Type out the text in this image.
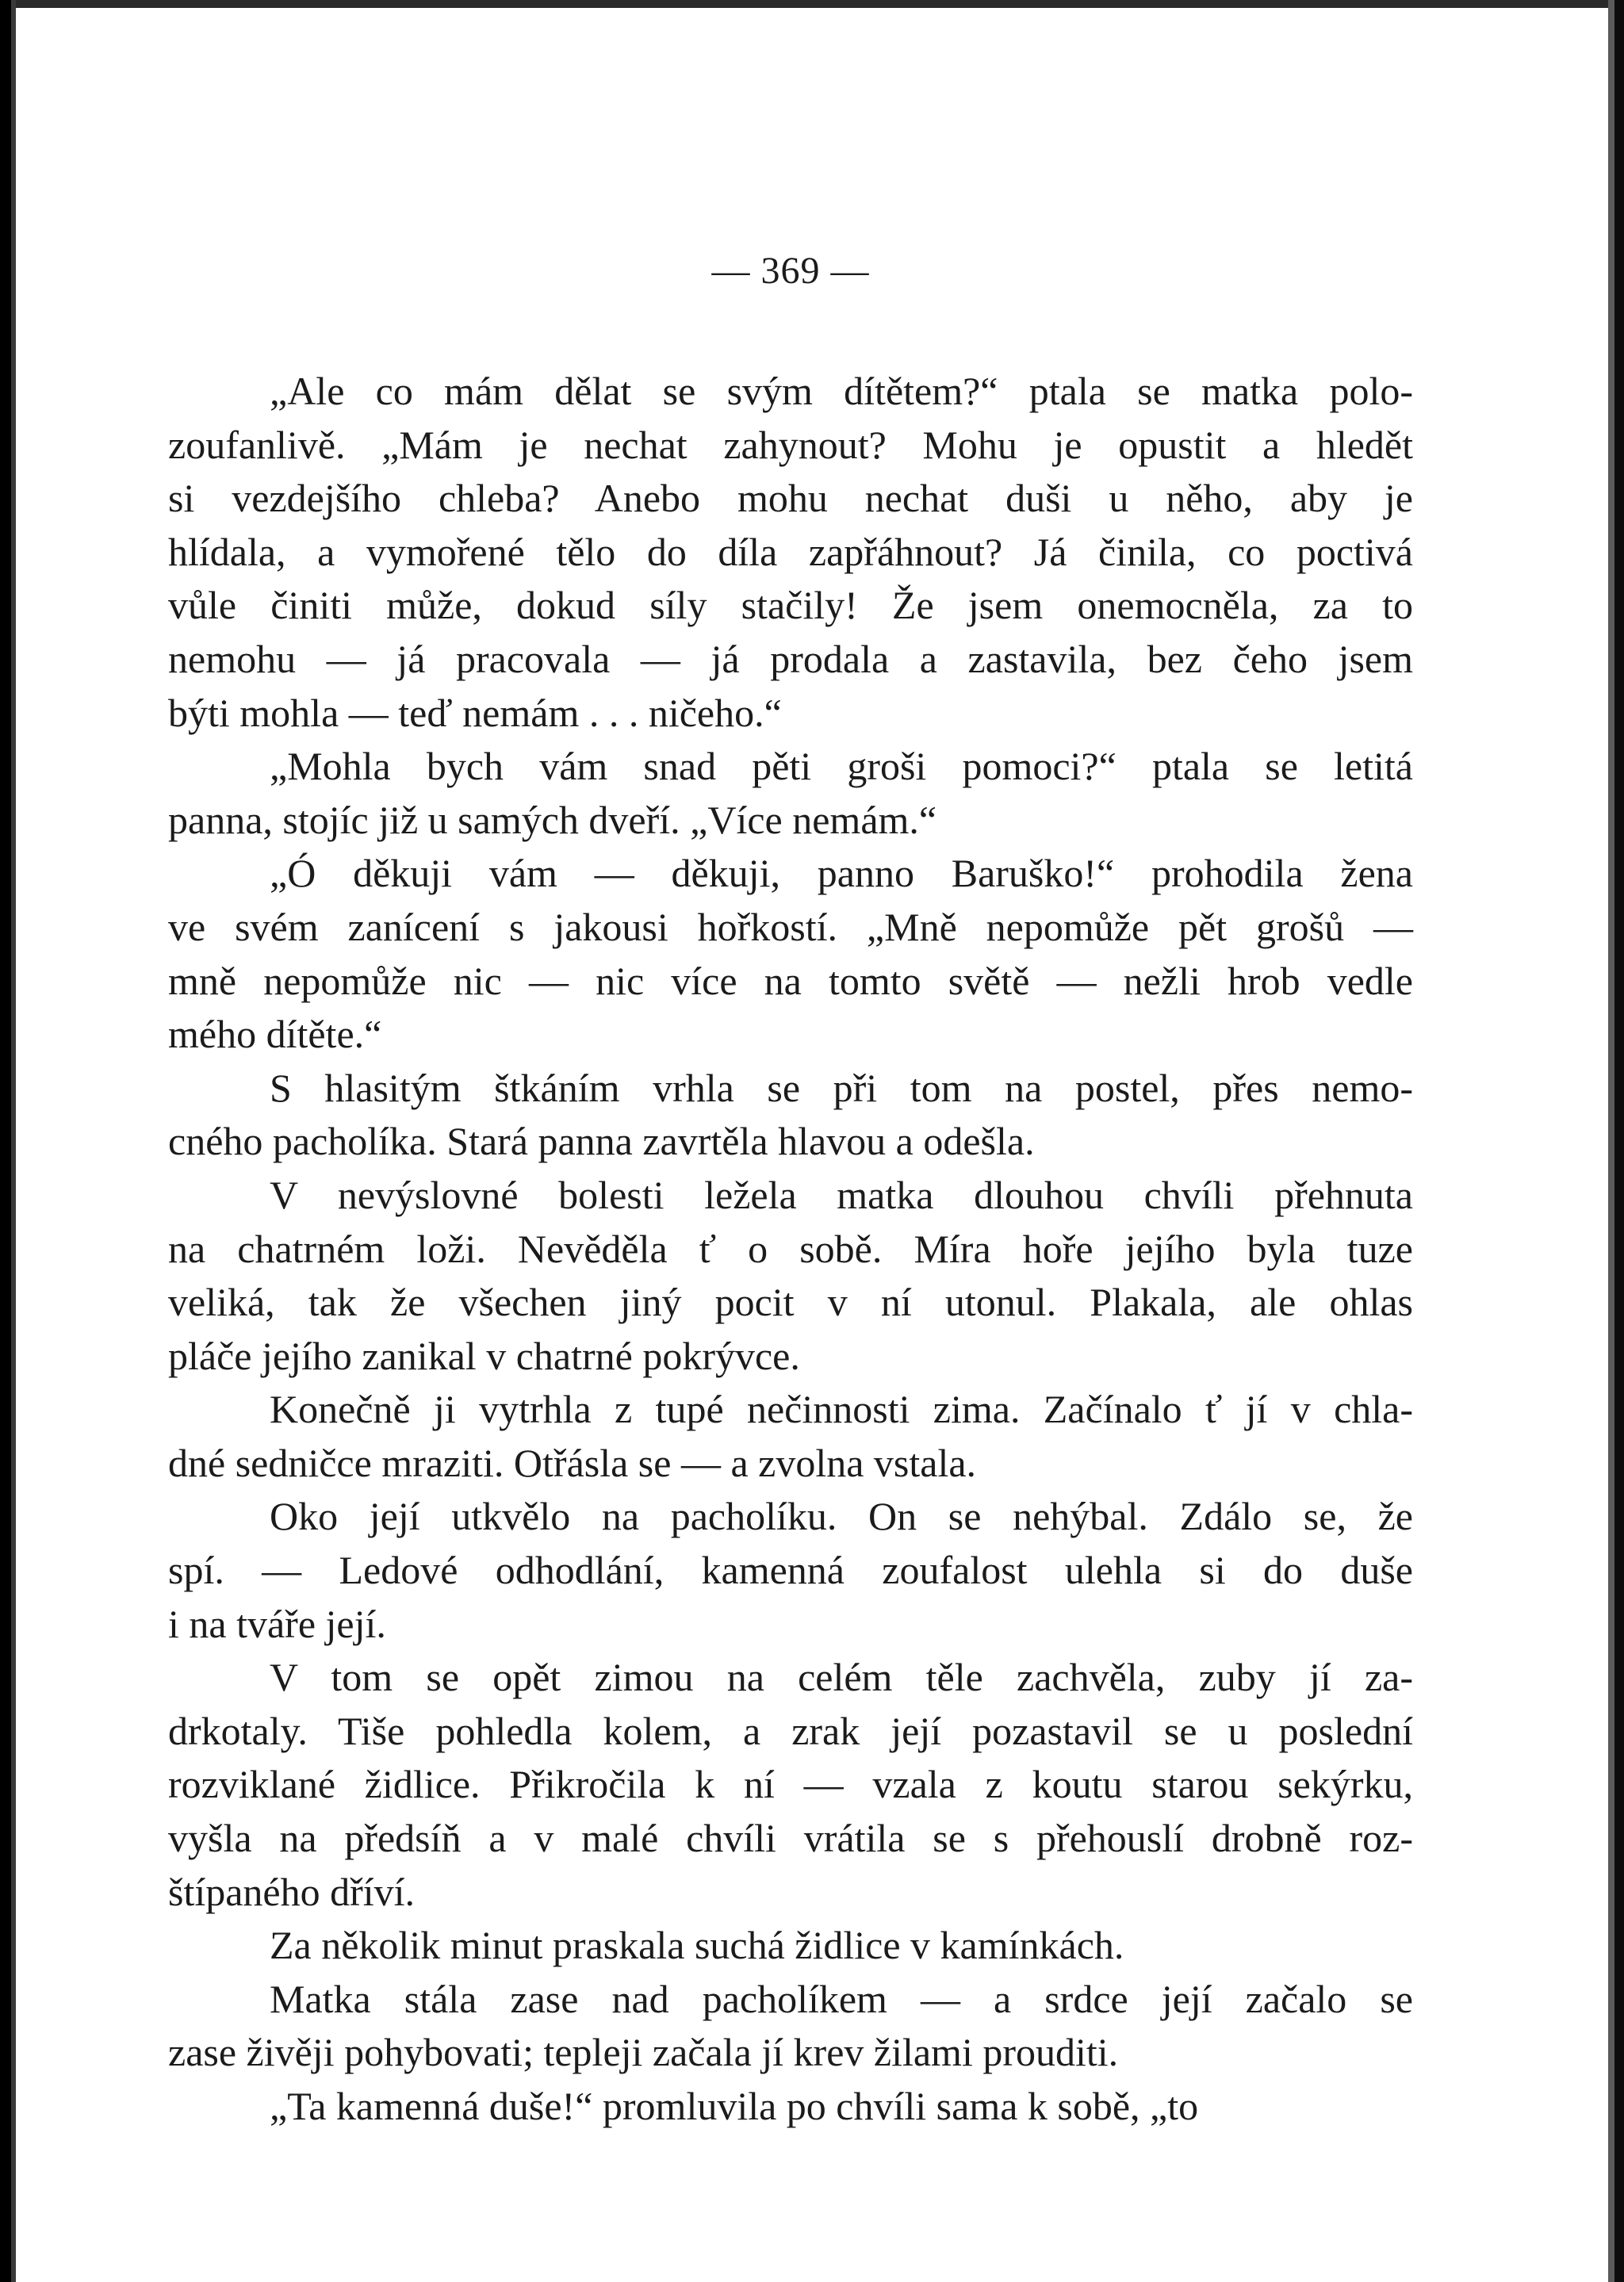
— 369 —

„Ale co mám dělat se svým dítětem?“ ptala se matka polo-
zoufanlivě. „Mám je nechat zahynout? Mohu je opustit a hledět
si vezdejšího chleba? Anebo mohu nechat duši u něho, aby je
hlídala, a vymořené tělo do díla zapřáhnout? Já činila, co poctivá
vůle činiti může, dokud síly stačily! Že jsem onemocněla, za to
nemohu — já pracovala — já prodala a zastavila, bez čeho jsem
býti mohla — teď nemám . . . ničeho.“

„Mohla bych vám snad pěti groši pomoci?“ ptala se letitá
panna, stojíc již u samých dveří. „Více nemám.“

„Ó děkuji vám — děkuji, panno Baruško!“ prohodila žena
ve svém zanícení s jakousi hořkostí. „Mně nepomůže pět grošů —
mně nepomůže nic — nic více na tomto světě — nežli hrob vedle
mého dítěte.“

S hlasitým štkáním vrhla se při tom na postel, přes nemo-
cného pacholíka. Stará panna zavrtěla hlavou a odešla.

V nevýslovné bolesti ležela matka dlouhou chvíli přehnuta
na chatrném loži. Nevěděla ť o sobě. Míra hoře jejího byla tuze
veliká, tak že všechen jiný pocit v ní utonul. Plakala, ale ohlas
pláče jejího zanikal v chatrné pokrývce.

Konečně ji vytrhla z tupé nečinnosti zima. Začínalo ť jí v chla-
dné sedničce mraziti. Otřásla se — a zvolna vstala.

Oko její utkvělo na pacholíku. On se nehýbal. Zdálo se, že
spí. — Ledové odhodlání, kamenná zoufalost ulehla si do duše
i na tváře její.

V tom se opět zimou na celém těle zachvěla, zuby jí za-
drkotaly. Tiše pohledla kolem, a zrak její pozastavil se u poslední
rozviklané židlice. Přikročila k ní — vzala z koutu starou sekýrku,
vyšla na předsíň a v malé chvíli vrátila se s přehouslí drobně roz-
štípaného dříví.

Za několik minut praskala suchá židlice v kamínkách.

Matka stála zase nad pacholíkem — a srdce její začalo se
zase živěji pohybovati; tepleji začala jí krev žilami prouditi.

„Ta kamenná duše!“ promluvila po chvíli sama k sobě, „to
